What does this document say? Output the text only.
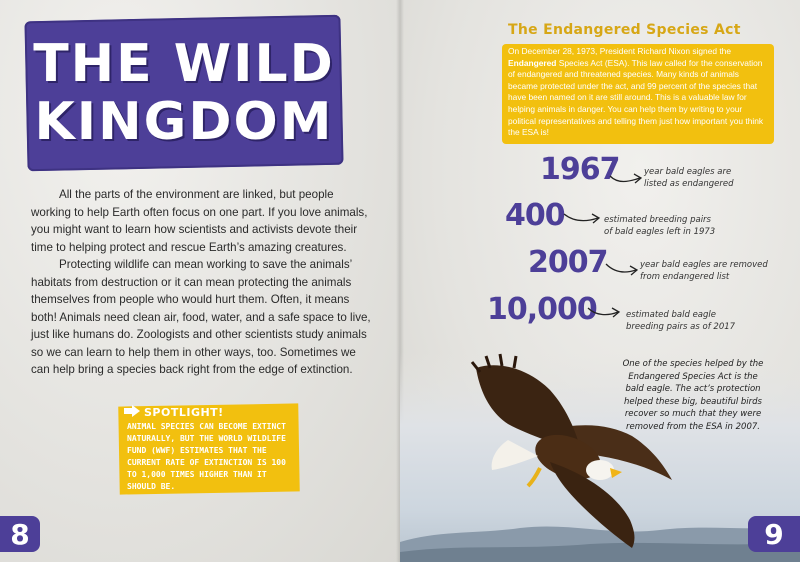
THE WILD
KINGDOM

All the parts of the environment are linked, but people working to help Earth often focus on one part. If you love animals, you might want to learn how scientists and activists devote their time to helping protect and rescue Earth’s amazing creatures.

Protecting wildlife can mean working to save the animals’ habitats from destruction or it can mean protecting the animals themselves from people who would hurt them. Often, it means both! Animals need clean air, food, water, and a safe space to live, just like humans do. Zoologists and other scientists study animals so we can learn to help them in other ways, too. Sometimes we can help bring a species back right from the edge of extinction.

SPOTLIGHT!
ANIMAL SPECIES CAN BECOME EXTINCT NATURALLY, BUT THE WORLD WILDLIFE FUND (WWF) ESTIMATES THAT THE CURRENT RATE OF EXTINCTION IS 100 TO 1,000 TIMES HIGHER THAN IT SHOULD BE.
8
The Endangered Species Act
On December 28, 1973, President Richard Nixon signed the Endangered Species Act (ESA). This law called for the conservation of endangered and threatened species. Many kinds of animals became protected under the act, and 99 percent of the species that have been named on it are still around. This is a valuable law for helping animals in danger. You can help them by writing to your political representatives and telling them just how important you think the ESA is!
1967	year bald eagles are
listed as endangered
400	estimated breeding pairs
of bald eagles left in 1973
2007	year bald eagles are removed
from endangered list
10,000	estimated bald eagle
breeding pairs as of 2017
One of the species helped by the Endangered Species Act is the bald eagle. The act’s protection helped these big, beautiful birds recover so much that they were removed from the ESA in 2007.
9
